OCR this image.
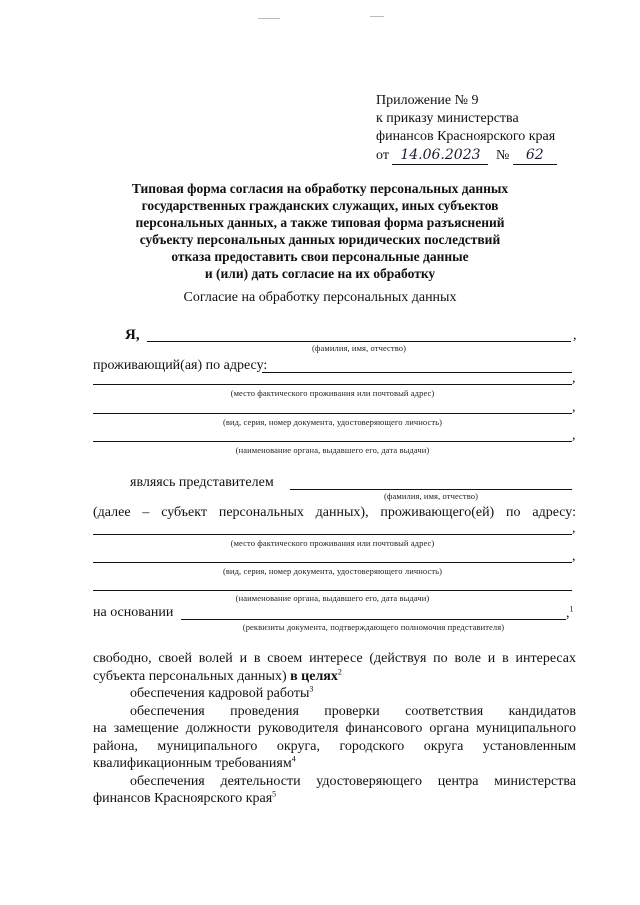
Приложение № 9
к приказу министерства
финансов Красноярского края
от 14.06.2023 № 62
Типовая форма согласия на обработку персональных данных
государственных гражданских служащих, иных субъектов
персональных данных, а также типовая форма разъяснений
субъекту персональных данных юридических последствий
отказа предоставить свои персональные данные
и (или) дать согласие на их обработку
Согласие на обработку персональных данных
Я,	,
(фамилия, имя, отчество)
проживающий(ая) по адресу:
,
(место фактического проживания или почтовый адрес)
,
(вид, серия, номер документа, удостоверяющего личность)
,
(наименование органа, выдавшего его, дата выдачи)
являясь представителем
(фамилия, имя, отчество)
(далее – субъект персональных данных), проживающего(ей) по адресу:
,
(место фактического проживания или почтовый адрес)
,
(вид, серия, номер документа, удостоверяющего личность)
(наименование органа, выдавшего его, дата выдачи)
на основании	,$^1$
(реквизиты документа, подтверждающего полномочия представителя)
свободно, своей волей и в своем интересе (действуя по воле и в интересах
субъекта персональных данных) в целях$^2$
обеспечения кадровой работы$^3$
обеспечения проведения проверки соответствия кандидатов
на замещение должности руководителя финансового органа муниципального
района, муниципального округа, городского округа установленным
квалификационным требованиям$^4$
обеспечения деятельности удостоверяющего центра министерства
финансов Красноярского края$^5$
